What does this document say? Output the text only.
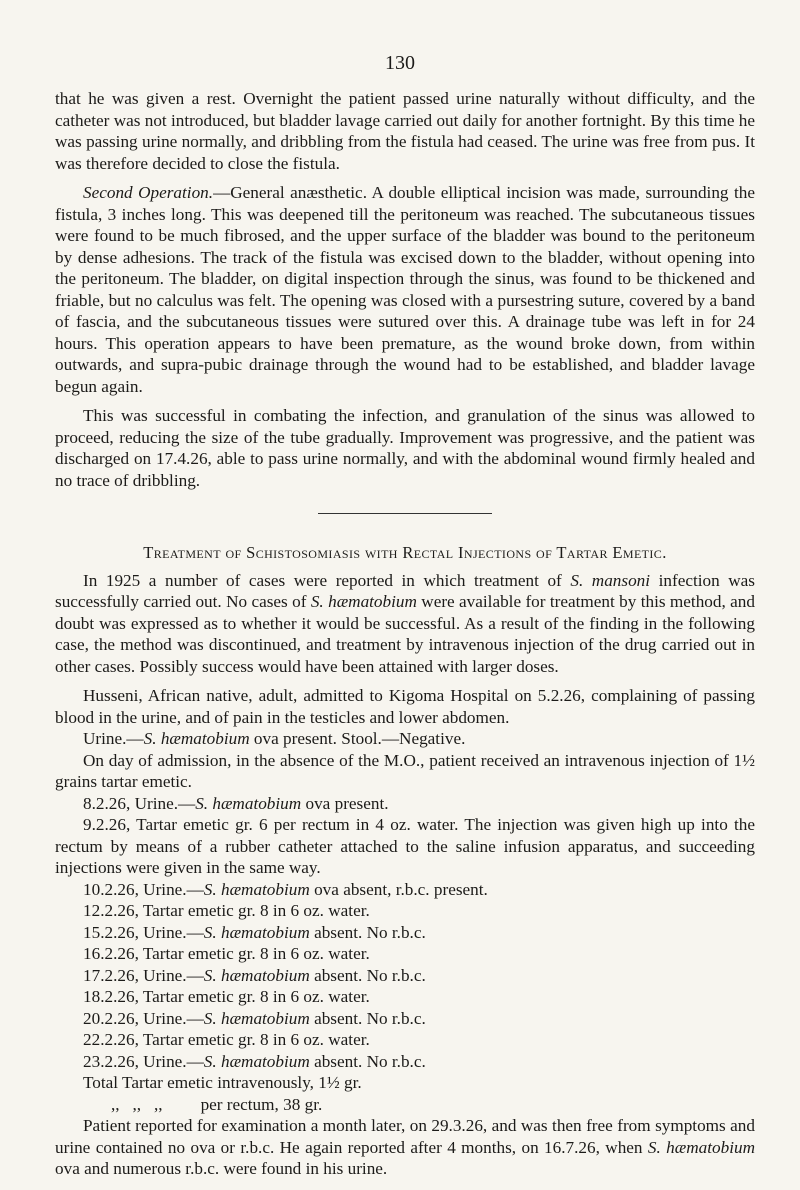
130

that he was given a rest. Overnight the patient passed urine naturally without difficulty, and the catheter was not introduced, but bladder lavage carried out daily for another fortnight. By this time he was passing urine normally, and dribbling from the fistula had ceased. The urine was free from pus. It was therefore decided to close the fistula.

Second Operation.—General anæsthetic. A double elliptical incision was made, surrounding the fistula, 3 inches long. This was deepened till the peritoneum was reached. The subcutaneous tissues were found to be much fibrosed, and the upper surface of the bladder was bound to the peritoneum by dense adhesions. The track of the fistula was excised down to the bladder, without opening into the peritoneum. The bladder, on digital inspection through the sinus, was found to be thickened and friable, but no calculus was felt. The opening was closed with a pursestring suture, covered by a band of fascia, and the subcutaneous tissues were sutured over this. A drainage tube was left in for 24 hours. This operation appears to have been premature, as the wound broke down, from within outwards, and supra-pubic drainage through the wound had to be established, and bladder lavage begun again.

This was successful in combating the infection, and granulation of the sinus was allowed to proceed, reducing the size of the tube gradually. Improvement was progressive, and the patient was discharged on 17.4.26, able to pass urine normally, and with the abdominal wound firmly healed and no trace of dribbling.

Treatment of Schistosomiasis with Rectal Injections of Tartar Emetic.

In 1925 a number of cases were reported in which treatment of S. mansoni infection was successfully carried out. No cases of S. hæmatobium were available for treatment by this method, and doubt was expressed as to whether it would be successful. As a result of the finding in the following case, the method was discontinued, and treatment by intravenous injection of the drug carried out in other cases. Possibly success would have been attained with larger doses.

Husseni, African native, adult, admitted to Kigoma Hospital on 5.2.26, complaining of passing blood in the urine, and of pain in the testicles and lower abdomen.

Urine.—S. hæmatobium ova present. Stool.—Negative.

On day of admission, in the absence of the M.O., patient received an intravenous injection of 1½ grains tartar emetic.

8.2.26, Urine.—S. hæmatobium ova present.

9.2.26, Tartar emetic gr. 6 per rectum in 4 oz. water. The injection was given high up into the rectum by means of a rubber catheter attached to the saline infusion apparatus, and succeeding injections were given in the same way.

10.2.26, Urine.—S. hæmatobium ova absent, r.b.c. present.

12.2.26, Tartar emetic gr. 8 in 6 oz. water.

15.2.26, Urine.—S. hæmatobium absent. No r.b.c.

16.2.26, Tartar emetic gr. 8 in 6 oz. water.

17.2.26, Urine.—S. hæmatobium absent. No r.b.c.

18.2.26, Tartar emetic gr. 8 in 6 oz. water.

20.2.26, Urine.—S. hæmatobium absent. No r.b.c.

22.2.26, Tartar emetic gr. 8 in 6 oz. water.

23.2.26, Urine.—S. hæmatobium absent. No r.b.c.

Total Tartar emetic intravenously, 1½ gr.

,,   ,,   ,, per rectum, 38 gr.

Patient reported for examination a month later, on 29.3.26, and was then free from symptoms and urine contained no ova or r.b.c. He again reported after 4 months, on 16.7.26, when S. hæmatobium ova and numerous r.b.c. were found in his urine.
